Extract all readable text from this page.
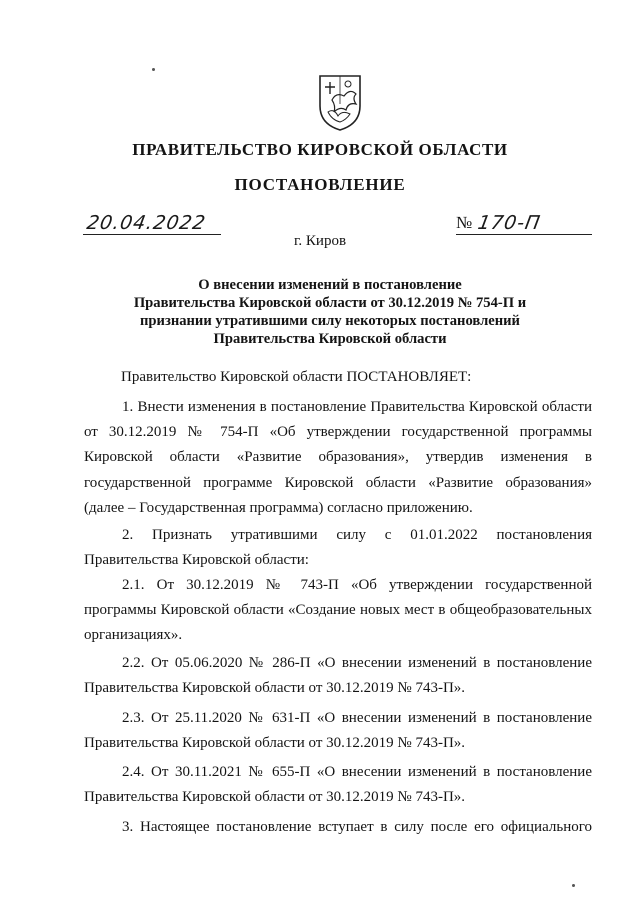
ПРАВИТЕЛЬСТВО КИРОВСКОЙ ОБЛАСТИ
ПОСТАНОВЛЕНИЕ
20.04.2022	№ 170-П
г. Киров
О внесении изменений в постановление
Правительства Кировской области от 30.12.2019 № 754-П и
признании утратившими силу некоторых постановлений
Правительства Кировской области
Правительство Кировской области ПОСТАНОВЛЯЕТ:
1. Внести изменения в постановление Правительства Кировской области от 30.12.2019 № 754-П «Об утверждении государственной программы Кировской области «Развитие образования», утвердив изменения в государственной программе Кировской области «Развитие образования» (далее – Государственная программа) согласно приложению.
2. Признать утратившими силу с 01.01.2022 постановления Правительства Кировской области:
2.1. От 30.12.2019 № 743-П «Об утверждении государственной программы Кировской области «Создание новых мест в общеобразовательных организациях».
2.2. От 05.06.2020 № 286-П «О внесении изменений в постановление Правительства Кировской области от 30.12.2019 № 743-П».
2.3. От 25.11.2020 № 631-П «О внесении изменений в постановление Правительства Кировской области от 30.12.2019 № 743-П».
2.4. От 30.11.2021 № 655-П «О внесении изменений в постановление Правительства Кировской области от 30.12.2019 № 743-П».
3. Настоящее постановление вступает в силу после его официального
